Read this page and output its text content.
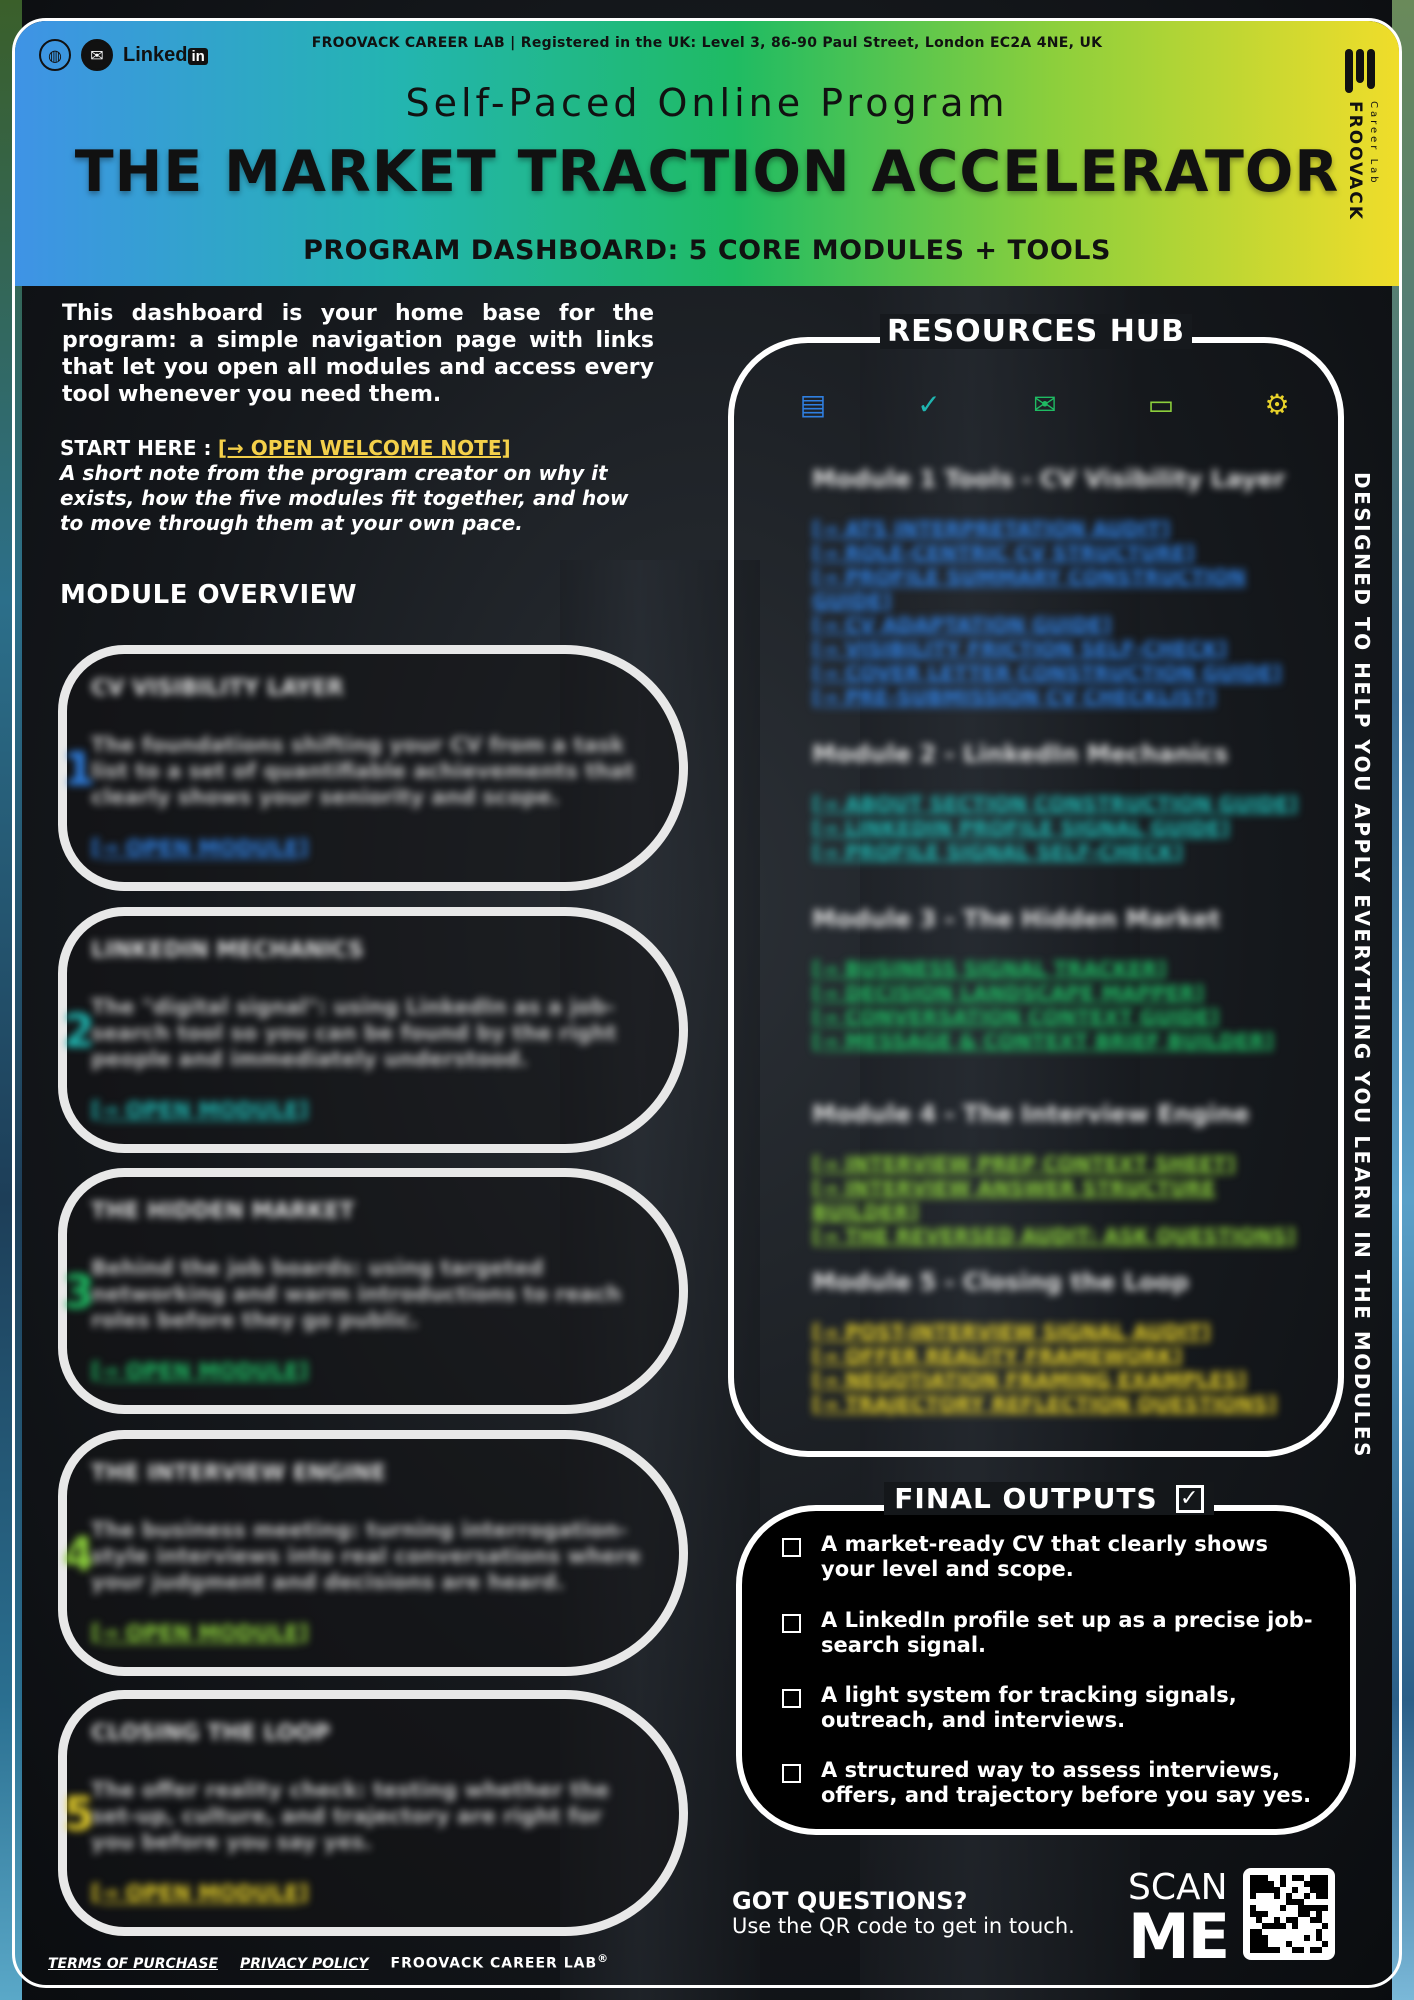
◍	✉ Linked in
FROOVACK CAREER LAB | Registered in the UK: Level 3, 86-90 Paul Street, London EC2A 4NE, UK
Self-Paced Online Program
THE MARKET TRACTION ACCELERATOR
PROGRAM DASHBOARD: 5 CORE MODULES + TOOLS
FROOVACK Career Lab
This dashboard is your home base for the program: a simple navigation page with links that let you open all modules and access every tool whenever you need them.
START HERE : [→ OPEN WELCOME NOTE]
A short note from the program creator on why it exists, how the five modules fit together, and how to move through them at your own pace.
MODULE OVERVIEW
1
CV VISIBILITY LAYER
The foundations shifting your CV from a task list to a set of quantifiable achievements that clearly shows your seniority and scope.
[→ OPEN MODULE]
2
LINKEDIN MECHANICS
The "digital signal": using LinkedIn as a job-search tool so you can be found by the right people and immediately understood.
[→ OPEN MODULE]
3
THE HIDDEN MARKET
Behind the job boards: using targeted networking and warm introductions to reach roles before they go public.
[→ OPEN MODULE]
4
THE INTERVIEW ENGINE
The business meeting: turning interrogation-style interviews into real conversations where your judgment and decisions are heard.
[→ OPEN MODULE]
5
CLOSING THE LOOP
The offer reality check: testing whether the set-up, culture, and trajectory are right for you before you say yes.
[→ OPEN MODULE]
RESOURCES HUB
▤	✓	✉	▭	⚙
Module 1 Tools - CV Visibility Layer
[→ ATS INTERPRETATION AUDIT]
[→ ROLE-CENTRIC CV STRUCTURE]
[→ PROFILE SUMMARY CONSTRUCTION GUIDE]
[→ CV ADAPTATION GUIDE]
[→ VISIBILITY FRICTION SELF-CHECK]
[→ COVER LETTER CONSTRUCTION GUIDE]
[→ PRE-SUBMISSION CV CHECKLIST]
Module 2 - LinkedIn Mechanics
[→ ABOUT SECTION CONSTRUCTION GUIDE]
[→ LINKEDIN PROFILE SIGNAL GUIDE]
[→ PROFILE SIGNAL SELF-CHECK]
Module 3 - The Hidden Market
[→ BUSINESS SIGNAL TRACKER]
[→ DECISION LANDSCAPE MAPPER]
[→ CONVERSATION CONTEXT GUIDE]
[→ MESSAGE & CONTEXT BRIEF BUILDER]
Module 4 - The Interview Engine
[→ INTERVIEW PREP CONTEXT SHEET]
[→ INTERVIEW ANSWER STRUCTURE BUILDER]
[→ THE REVERSED AUDIT: ASK QUESTIONS]
Module 5 - Closing the Loop
[→ POST-INTERVIEW SIGNAL AUDIT]
[→ OFFER REALITY FRAMEWORK]
[→ NEGOTIATION FRAMING EXAMPLES]
[→ TRAJECTORY REFLECTION QUESTIONS]	DESIGNED TO HELP YOU APPLY EVERYTHING YOU LEARN IN THE MODULES
FINAL OUTPUTS ✓
A market-ready CV that clearly shows your level and scope.
A LinkedIn profile set up as a precise job-search signal.
A light system for tracking signals, outreach, and interviews.
A structured way to assess interviews, offers, and trajectory before you say yes.
GOT QUESTIONS?
Use the QR code to get in touch.
SCAN
ME
TERMS OF PURCHASE PRIVACY POLICY FROOVACK CAREER LAB®
